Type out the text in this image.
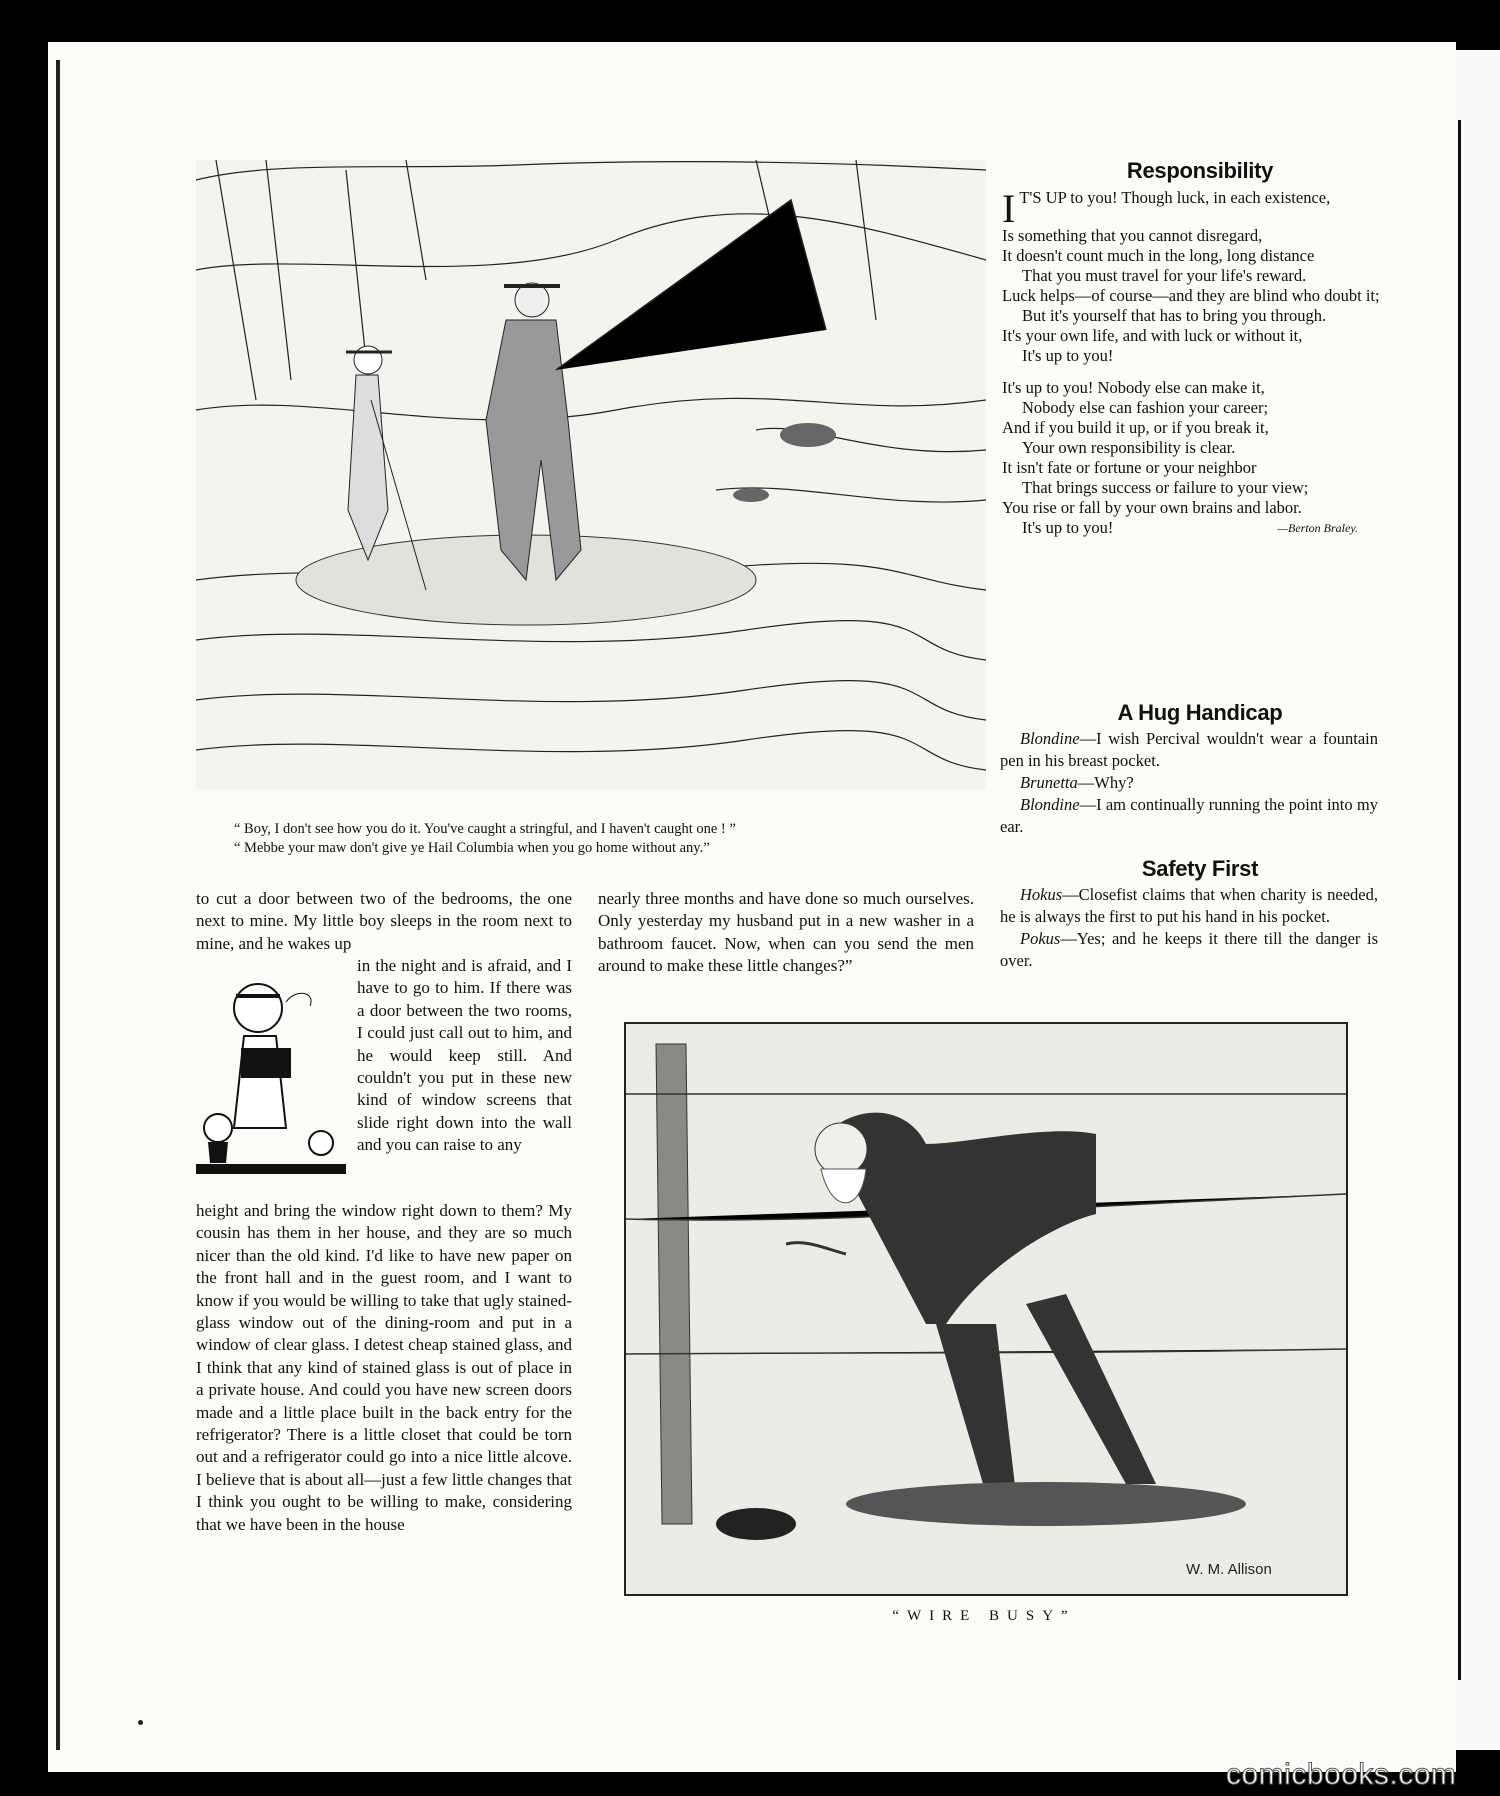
“ Boy, I don't see how you do it. You've caught a stringful, and I haven't caught one ! ”
“ Mebbe your maw don't give ye Hail Columbia when you go home without any.”

to cut a door between two of the bedrooms, the one next to mine. My little boy sleeps in the room next to mine, and he wakes up

in the night and is afraid, and I have to go to him. If there was a door between the two rooms, I could just call out to him, and he would keep still. And couldn't you put in these new kind of window screens that slide right down into the wall and you can raise to any

height and bring the window right down to them? My cousin has them in her house, and they are so much nicer than the old kind. I'd like to have new paper on the front hall and in the guest room, and I want to know if you would be willing to take that ugly stained-glass window out of the dining-room and put in a window of clear glass. I detest cheap stained glass, and I think that any kind of stained glass is out of place in a private house. And could you have new screen doors made and a little place built in the back entry for the refrigerator? There is a little closet that could be torn out and a refrigerator could go into a nice little alcove. I believe that is about all—just a few little changes that I think you ought to be willing to make, considering that we have been in the house

nearly three months and have done so much ourselves. Only yesterday my husband put in a new washer in a bathroom faucet. Now, when can you send the men around to make these little changes?”

Responsibility
I T'S UP to you! Though luck, in each existence,
Is something that you cannot disregard,
It doesn't count much in the long, long distance
That you must travel for your life's reward.
Luck helps—of course—and they are blind who doubt it;
But it's yourself that has to bring you through.
It's your own life, and with luck or without it,
It's up to you!
It's up to you! Nobody else can make it,
Nobody else can fashion your career;
And if you build it up, or if you break it,
Your own responsibility is clear.
It isn't fate or fortune or your neighbor
That brings success or failure to your view;
You rise or fall by your own brains and labor.
It's up to you!	—Berton Braley.
A Hug Handicap

Blondine—I wish Percival wouldn't wear a fountain pen in his breast pocket.

Brunetta—Why?

Blondine—I am continually running the point into my ear.

Safety First

Hokus—Closefist claims that when charity is needed, he is always the first to put his hand in his pocket.

Pokus—Yes; and he keeps it there till the danger is over.

W. M. Allison
“WIRE BUSY”
comicbooks.com
